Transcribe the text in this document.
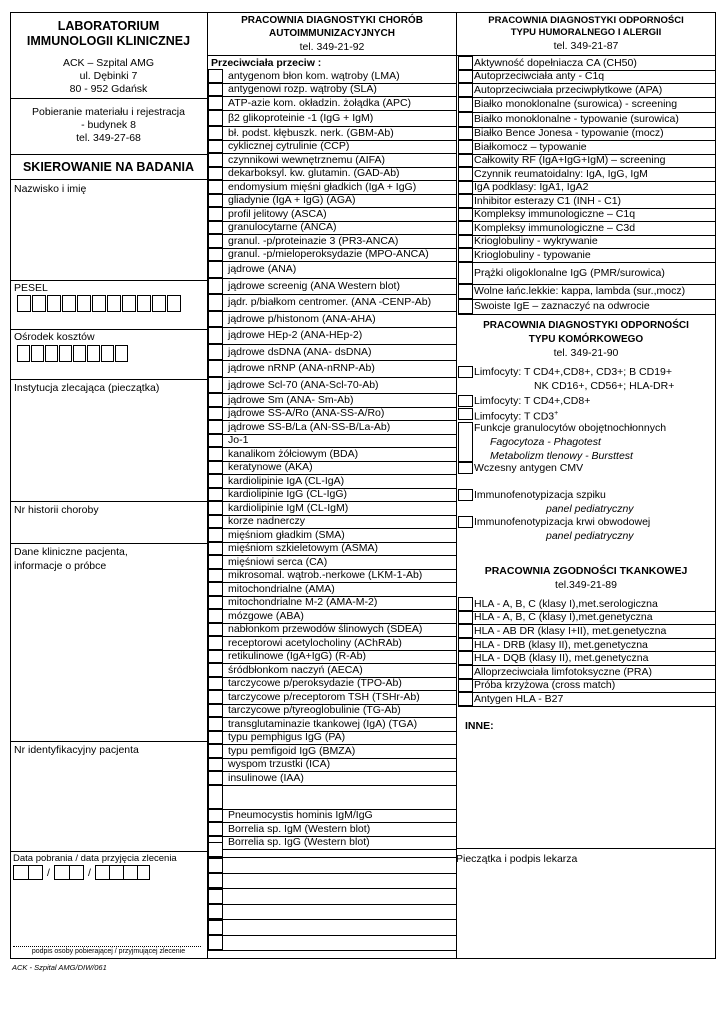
LABORATORIUM
IMMUNOLOGII KLINICZNEJ
ACK – Szpital AMG
ul. Dębinki 7
80 - 952 Gdańsk
Pobieranie materiału i rejestracja
- budynek 8
tel. 349-27-68
SKIEROWANIE NA BADANIA
Nazwisko i imię
PESEL
Ośrodek kosztów
Instytucja zlecająca (pieczątka)
Nr historii choroby
Dane kliniczne pacjenta,
informacje o próbce
Nr identyfikacyjny pacjenta
Data pobrania / data przyjęcia zlecenia
/	/
podpis osoby pobierającej / przyjmującej zlecenie
ACK - Szpital AMG/DIW/061
PRACOWNIA DIAGNOSTYKI CHORÓB
AUTOIMMUNIZACYJNYCH
tel. 349-21-92
Przeciwciała przeciw :
antygenom błon kom. wątroby (LMA)
antygenowi rozp. wątroby (SLA)
ATP-azie kom. okładzin. żołądka (APC)
β2 glikoproteinie -1 (IgG + IgM)
bł. podst. kłębuszk. nerk. (GBM-Ab)
cyklicznej cytrulinie (CCP)
czynnikowi wewnętrznemu (AIFA)
dekarboksyl. kw. glutamin. (GAD-Ab)
endomysium mięśni gładkich (IgA + IgG)
gliadynie (IgA + IgG) (AGA)
profil jelitowy (ASCA)
granulocytarne (ANCA)
granul. -p/proteinazie 3 (PR3-ANCA)
granul. -p/mieloperoksydazie (MPO-ANCA)
jądrowe (ANA)
jądrowe screenig (ANA Western blot)
jądr. p/białkom centromer. (ANA -CENP-Ab)
jądrowe p/histonom (ANA-AHA)
jądrowe HEp-2 (ANA-HEp-2)
jądrowe dsDNA (ANA- dsDNA)
jądrowe nRNP (ANA-nRNP-Ab)
jądrowe Scl-70 (ANA-Scl-70-Ab)
jądrowe Sm (ANA- Sm-Ab)
jądrowe SS-A/Ro (ANA-SS-A/Ro)
jądrowe SS-B/La (AN-SS-B/La-Ab)
Jo-1
kanalikom żółciowym (BDA)
keratynowe (AKA)
kardiolipinie IgA (CL-IgA)
kardiolipinie IgG (CL-IgG)
kardiolipinie IgM (CL-IgM)
korze nadnerczy
mięśniom gładkim (SMA)
mięśniom szkieletowym (ASMA)
mięśniowi serca (CA)
mikrosomal. wątrob.-nerkowe (LKM-1-Ab)
mitochondrialne (AMA)
mitochondrialne M-2 (AMA-M-2)
mózgowe (ABA)
nabłonkom przewodów ślinowych (SDEA)
receptorowi acetylocholiny (AChRAb)
retikulinowe (IgA+IgG) (R-Ab)
śródbłonkom naczyń (AECA)
tarczycowe p/peroksydazie (TPO-Ab)
tarczycowe p/receptorom TSH (TSHr-Ab)
tarczycowe p/tyreoglobulinie (TG-Ab)
transglutaminazie tkankowej (IgA) (TGA)
typu pemphigus IgG (PA)
typu pemfigoid IgG (BMZA)
wyspom trzustki (ICA)
insulinowe (IAA)
Pneumocystis hominis IgM/IgG
Borrelia sp. IgM (Western blot)
Borrelia sp. IgG (Western blot)
PRACOWNIA DIAGNOSTYKI ODPORNOŚCI
TYPU HUMORALNEGO I ALERGII
tel. 349-21-87
Aktywność dopełniacza CA (CH50)
Autoprzeciwciała anty - C1q
Autoprzeciwciała przeciwpłytkowe (APA)
Białko monoklonalne (surowica) - screening
Białko monoklonalne - typowanie (surowica)
Białko Bence Jonesa - typowanie (mocz)
Białkomocz – typowanie
Całkowity RF (IgA+IgG+IgM) – screening
Czynnik reumatoidalny: IgA, IgG, IgM
IgA podklasy: IgA1, IgA2
Inhibitor esterazy C1 (INH - C1)
Kompleksy immunologiczne – C1q
Kompleksy immunologiczne – C3d
Krioglobuliny - wykrywanie
Krioglobuliny - typowanie
Prążki oligoklonalne IgG (PMR/surowica)
Wolne łańc.lekkie: kappa, lambda (sur.,mocz)
Swoiste IgE – zaznaczyć na odwrocie
PRACOWNIA DIAGNOSTYKI ODPORNOŚCI
TYPU KOMÓRKOWEGO
tel. 349-21-90
Limfocyty: T CD4+,CD8+, CD3+; B CD19+
NK CD16+, CD56+; HLA-DR+
Limfocyty: T CD4+,CD8+
Limfocyty: T CD3+
Funkcje granulocytów obojętnochłonnych
Fagocytoza - Phagotest
Metabolizm tlenowy - Bursttest
Wczesny antygen CMV
Immunofenotypizacja szpiku
panel pediatryczny
Immunofenotypizacja krwi obwodowej
panel pediatryczny
PRACOWNIA ZGODNOŚCI TKANKOWEJ
tel.349-21-89
HLA - A, B, C (klasy I),met.serologiczna
HLA - A, B, C (klasy I),met.genetyczna
HLA - AB DR (klasy I+II), met.genetyczna
HLA - DRB (klasy II), met.genetyczna
HLA - DQB (klasy II), met.genetyczna
Alloprzeciwciała limfotoksyczne (PRA)
Próba krzyżowa (cross match)
Antygen HLA - B27
INNE:
Pieczątka i podpis lekarza
